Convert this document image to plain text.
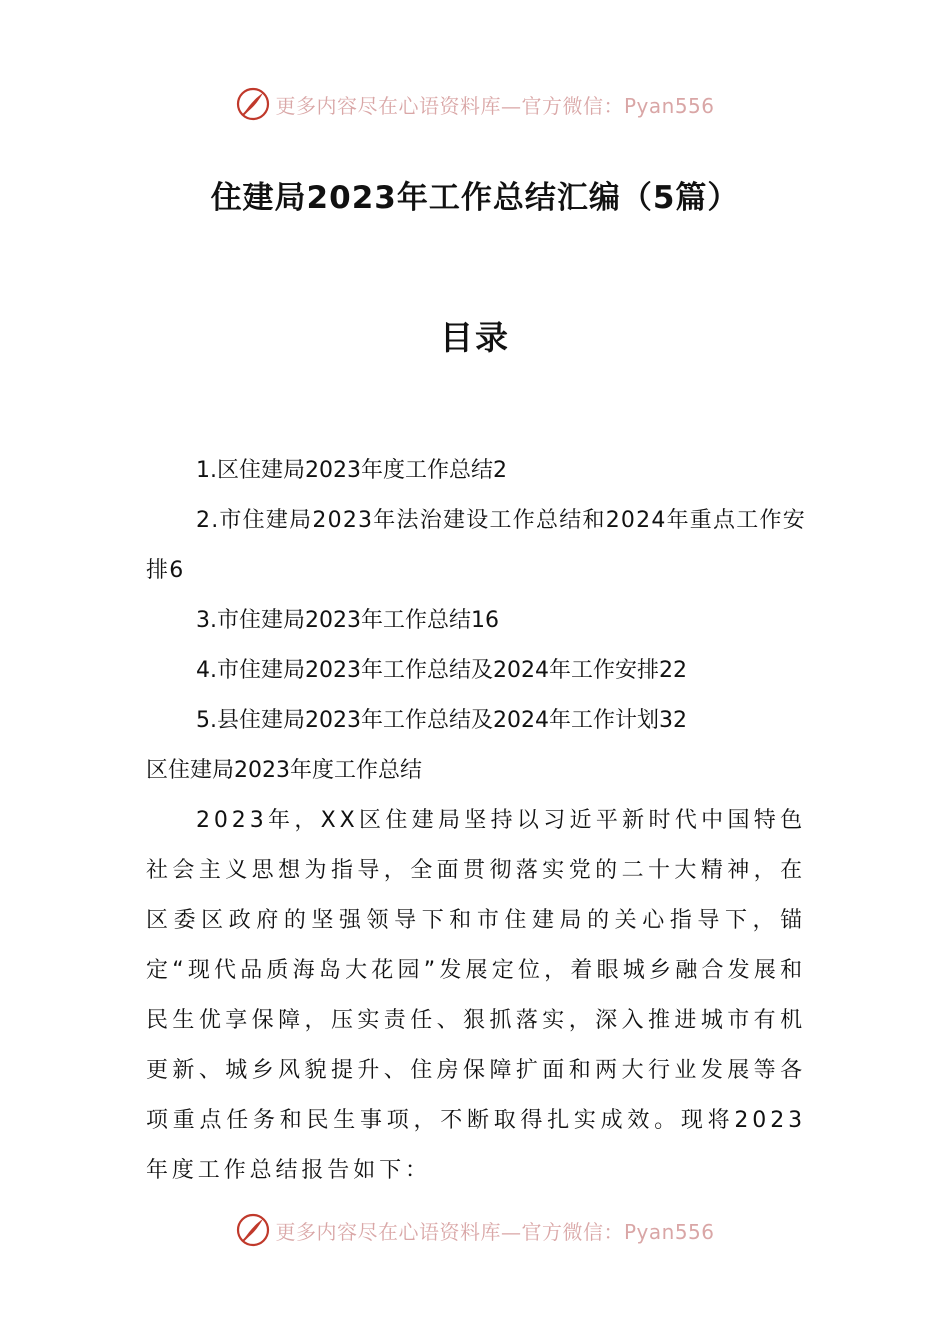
更多内容尽在心语资料库—官方微信：Pyan556
住建局2023年工作总结汇编（5篇）
目录

1.区住建局2023年度工作总结2

2.市住建局2023年法治建设工作总结和2024年重点工作安排6

3.市住建局2023年工作总结16

4.市住建局2023年工作总结及2024年工作安排22

5.县住建局2023年工作总结及2024年工作计划32

区住建局2023年度工作总结

2023年，XX区住建局坚持以习近平新时代中国特色社会主义思想为指导，全面贯彻落实党的二十大精神，在区委区政府的坚强领导下和市住建局的关心指导下，锚定“现代品质海岛大花园”发展定位，着眼城乡融合发展和民生优享保障，压实责任、狠抓落实，深入推进城市有机更新、城乡风貌提升、住房保障扩面和两大行业发展等各项重点任务和民生事项，不断取得扎实成效。现将2023年度工作总结报告如下：

更多内容尽在心语资料库—官方微信：Pyan556
